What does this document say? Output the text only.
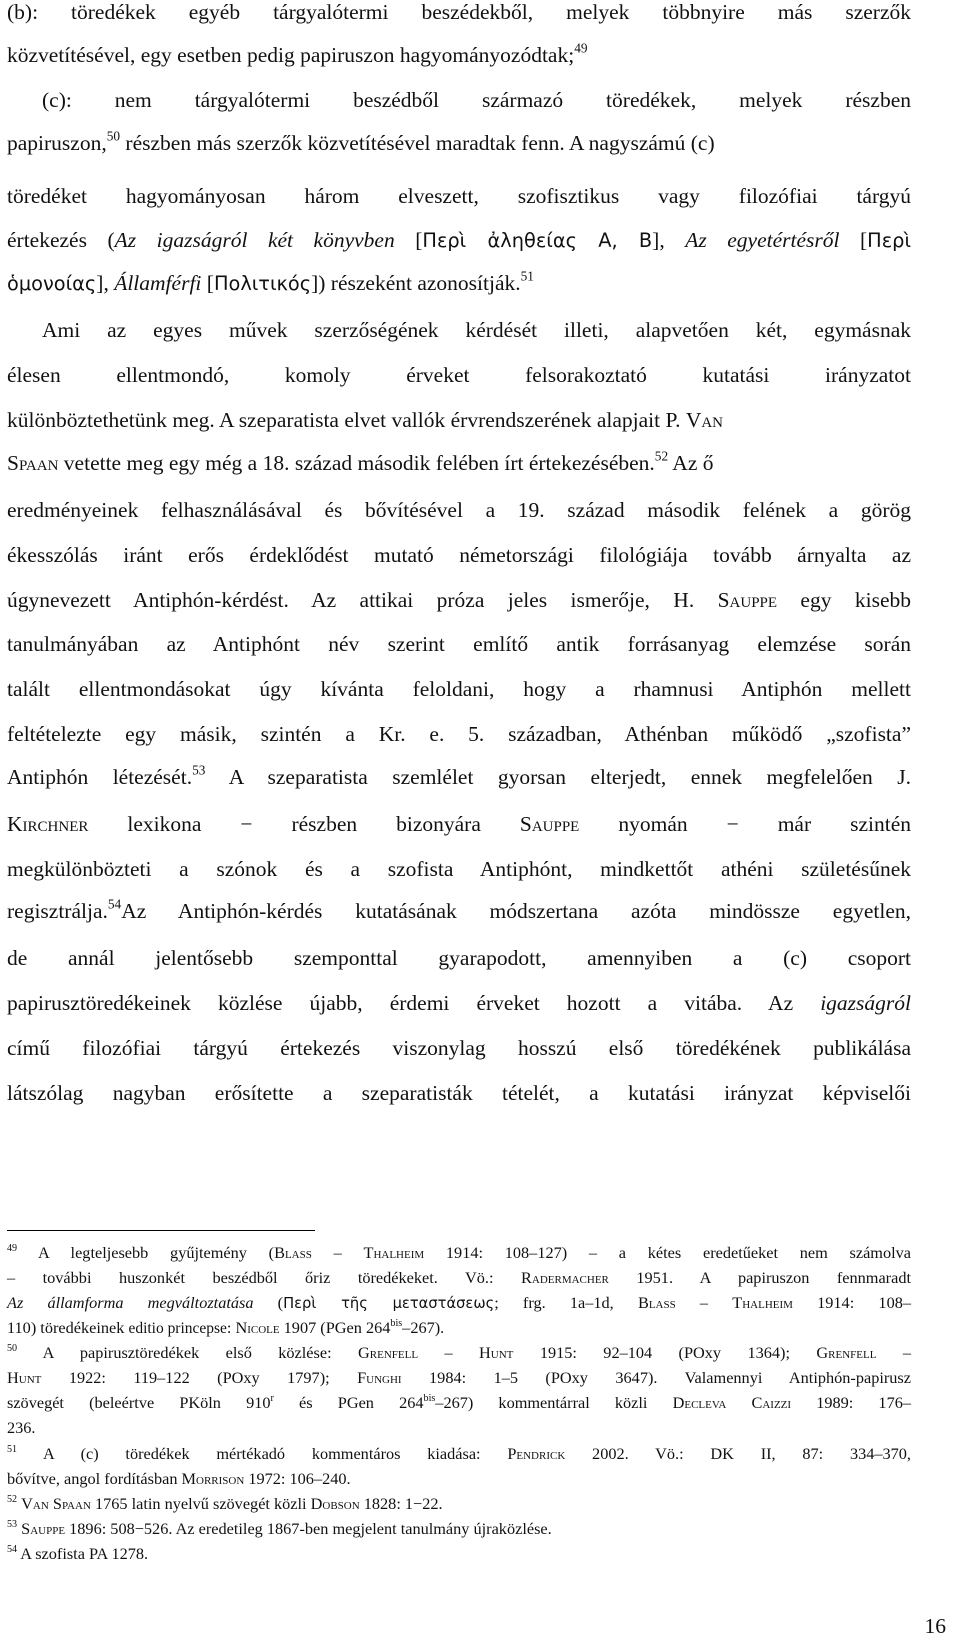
(b): töredékek egyéb tárgyalótermi beszédekből, melyek többnyire más szerzők
közvetítésével, egy esetben pedig papiruszon hagyományozódtak;$^{49}$
(c): nem tárgyalótermi beszédből származó töredékek, melyek részben
papiruszon,$^{50}$ részben más szerzők közvetítésével maradtak fenn. A nagyszámú (c)
töredéket hagyományosan három elveszett, szofisztikus vagy filozófiai tárgyú
értekezés (Az igazságról két könyvben [Περὶ ἀληθείας Α, Β], Az egyetértésről [Περὶ
ὁμονοίας], Államférfi [Πολιτικός]) részeként azonosítják.$^{51}$
Ami az egyes művek szerzőségének kérdését illeti, alapvetően két, egymásnak
élesen ellentmondó, komoly érveket felsorakoztató kutatási irányzatot
különböztethetünk meg. A szeparatista elvet vallók érvrendszerének alapjait P. Van
Spaan vetette meg egy még a 18. század második felében írt értekezésében.$^{52}$ Az ő
eredményeinek felhasználásával és bővítésével a 19. század második felének a görög
ékesszólás iránt erős érdeklődést mutató németországi filológiája tovább árnyalta az
úgynevezett Antiphón-kérdést. Az attikai próza jeles ismerője, H. Sauppe egy kisebb
tanulmányában az Antiphónt név szerint említő antik forrásanyag elemzése során
talált ellentmondásokat úgy kívánta feloldani, hogy a rhamnusi Antiphón mellett
feltételezte egy másik, szintén a Kr. e. 5. században, Athénban működő „szofista”
Antiphón létezését.$^{53}$ A szeparatista szemlélet gyorsan elterjedt, ennek megfelelően J.
Kirchner lexikona − részben bizonyára Sauppe nyomán − már szintén
megkülönbözteti a szónok és a szofista Antiphónt, mindkettőt athéni születésűnek
regisztrálja.$^{54}$Az Antiphón-kérdés kutatásának módszertana azóta mindössze egyetlen,
de annál jelentősebb szemponttal gyarapodott, amennyiben a (c) csoport
papirusztöredékeinek közlése újabb, érdemi érveket hozott a vitába. Az igazságról
című filozófiai tárgyú értekezés viszonylag hosszú első töredékének publikálása
látszólag nagyban erősítette a szeparatisták tételét, a kutatási irányzat képviselői
$^{49}$ A legteljesebb gyűjtemény (Blass – Thalheim 1914: 108–127) – a kétes eredetűeket nem számolva
– további huszonkét beszédből őriz töredékeket. Vö.: Radermacher 1951. A papiruszon fennmaradt
Az államforma megváltoztatása (Περὶ τῆς μεταστάσεως; frg. 1a–1d, Blass – Thalheim 1914: 108–
110) töredékeinek editio princepse: Nicole 1907 (PGen $264^{bis}-267$).
$^{50}$ A papirusztöredékek első közlése: Grenfell – Hunt 1915: 92–104 (POxy 1364); Grenfell –
Hunt 1922: 119–122 (POxy 1797); Funghi 1984: 1–5 (POxy 3647). Valamennyi Antiphón-papirusz
szövegét (beleértve PKöln 910$^r$ és PGen $264^{bis}-267$) kommentárral közli Decleva Caizzi 1989: 176–
236.
$^{51}$ A (c) töredékek mértékadó kommentáros kiadása: Pendrick 2002. Vö.: DK II, 87: 334–370,
bővítve, angol fordításban Morrison 1972: 106–240.
$^{52}$ Van Spaan 1765 latin nyelvű szövegét közli Dobson 1828: 1−22.
$^{53}$ Sauppe 1896: 508−526. Az eredetileg 1867-ben megjelent tanulmány újraközlése.
$^{54}$ A szofista PA 1278.
16
